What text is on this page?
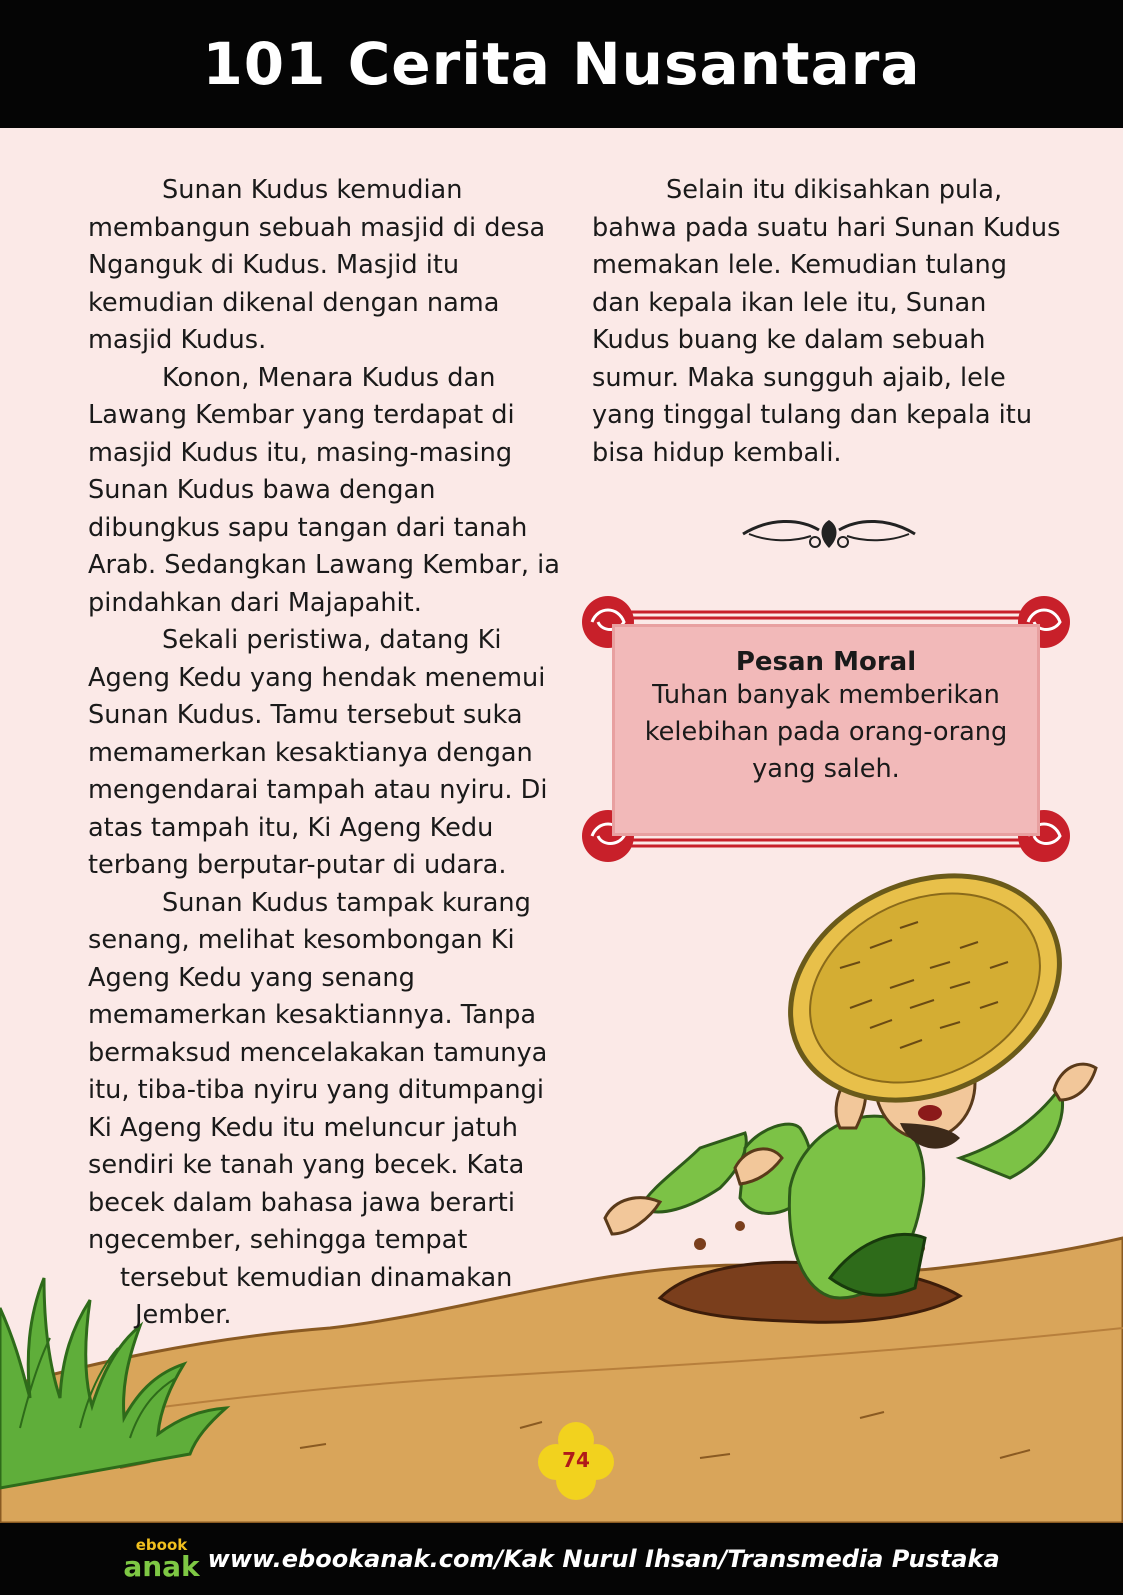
101 Cerita Nusantara

Sunan Kudus kemudian membangun sebuah masjid di desa Nganguk di Kudus. Masjid itu kemudian dikenal dengan nama masjid Kudus.

Konon, Menara Kudus dan Lawang Kembar yang terdapat di masjid Kudus itu, masing-masing Sunan Kudus bawa dengan dibungkus sapu tangan dari tanah Arab. Sedangkan Lawang Kembar, ia pindahkan dari Majapahit.

Sekali peristiwa, datang Ki Ageng Kedu yang hendak menemui Sunan Kudus. Tamu tersebut suka memamerkan kesaktianya dengan mengendarai tampah atau nyiru. Di atas tampah itu, Ki Ageng Kedu terbang berputar-putar di udara.

Sunan Kudus tampak kurang senang, melihat kesombongan Ki Ageng Kedu yang senang memamerkan kesaktiannya. Tanpa bermaksud mencelakakan tamunya itu, tiba-tiba nyiru yang ditumpangi Ki Ageng Kedu itu meluncur jatuh sendiri ke tanah yang becek. Kata becek dalam bahasa jawa berarti ngecember, sehingga tempat

tersebut kemudian dinamakan

Jember.

Selain itu dikisahkan pula, bahwa pada suatu hari Sunan Kudus memakan lele. Kemudian tulang dan kepala ikan lele itu, Sunan Kudus buang ke dalam sebuah sumur. Maka sungguh ajaib, lele yang tinggal tulang dan kepala itu bisa hidup kembali.

Pesan Moral
Tuhan banyak memberikan kelebihan pada orang-orang yang saleh.
74
ebook
anak www.ebookanak.com/Kak Nurul Ihsan/Transmedia Pustaka
